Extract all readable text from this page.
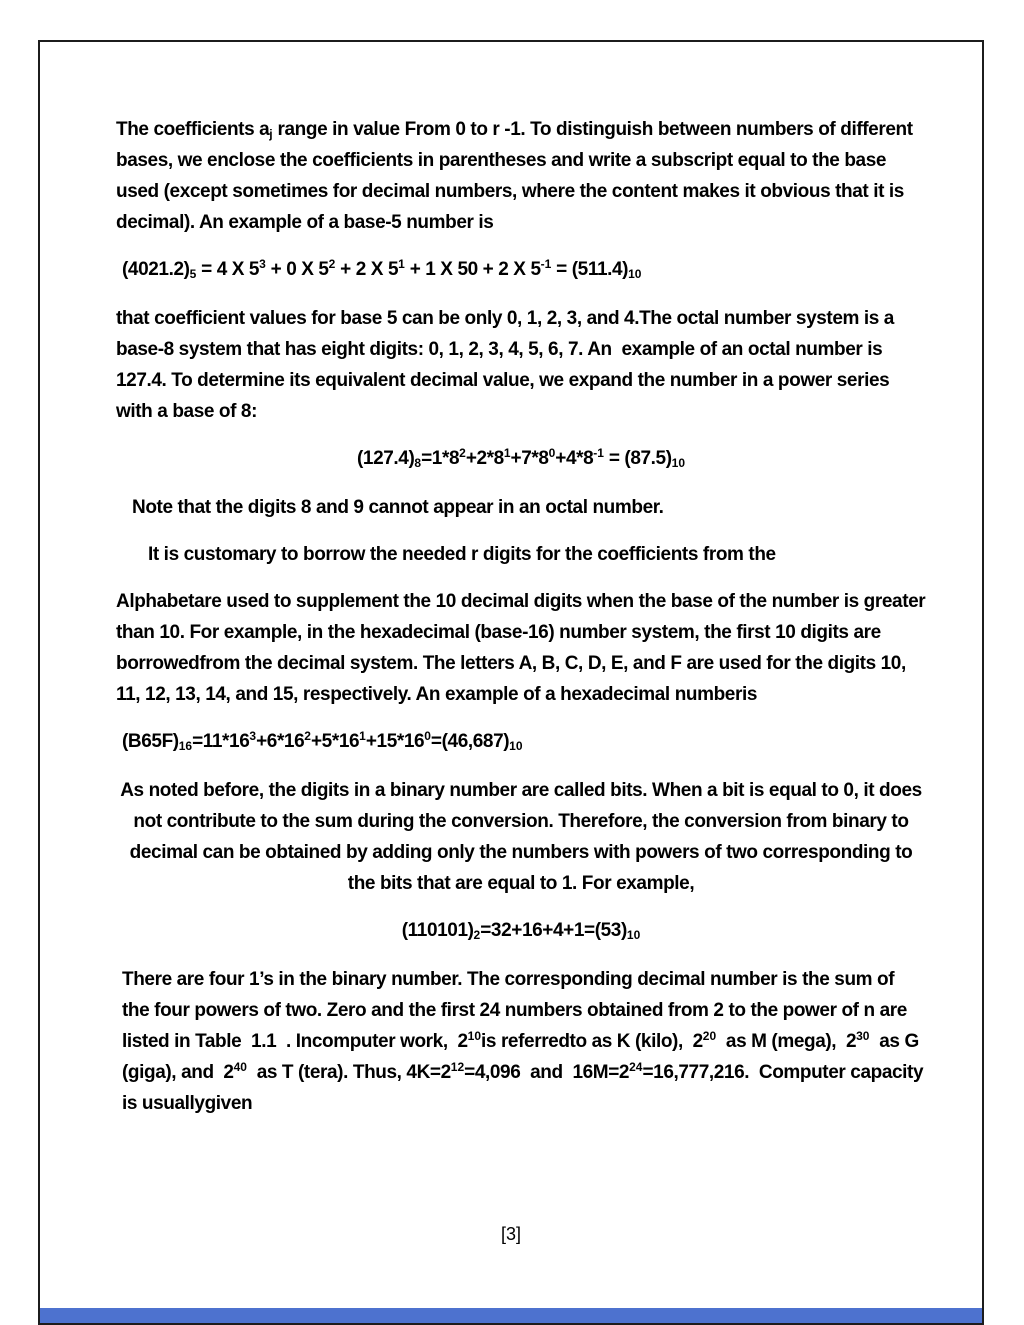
The coefficients $a_j$ range in value From 0 to r -1. To distinguish between numbers of different bases, we enclose the coefficients in parentheses and write a subscript equal to the base used (except sometimes for decimal numbers, where the content makes it obvious that it is decimal). An example of a base-5 number is
$(4021.2)_5 = 4$ X $5^3 + 0$ X $5^2 + 2$ X $5^1 + 1$ X 50 + 2 X $5^{-1} = (511.4)_{10}$
that coefficient values for base 5 can be only 0, 1, 2, 3, and 4.The octal number system is a base-8 system that has eight digits: 0, 1, 2, 3, 4, 5, 6, 7. An  example of an octal number is 127.4. To determine its equivalent decimal value, we expand the number in a power series with a base of 8:
$(127.4)_8=1*8^2+2*8^1+7*8^0+4*8^{-1} = (87.5)_{10}$
Note that the digits 8 and 9 cannot appear in an octal number.
It is customary to borrow the needed r digits for the coefficients from the
Alphabetare used to supplement the 10 decimal digits when the base of the number is greater than 10. For example, in the hexadecimal (base-16) number system, the first 10 digits are borrowedfrom the decimal system. The letters A, B, C, D, E, and F are used for the digits 10, 11, 12, 13, 14, and 15, respectively. An example of a hexadecimal numberis
$(B65F)_{16}=11*16^3+6*16^2+5*16^1+15*16^0=(46,687)_{10}$
As noted before, the digits in a binary number are called bits. When a bit is equal to 0, it does not contribute to the sum during the conversion. Therefore, the conversion from binary to decimal can be obtained by adding only the numbers with powers of two corresponding to the bits that are equal to 1. For example,
$(110101)_2=32+16+4+1=(53)_{10}$
There are four 1’s in the binary number. The corresponding decimal number is the sum of the four powers of two. Zero and the first 24 numbers obtained from 2 to the power of n are listed in Table  1.1  . Incomputer work,  $2^{10}is$ referredto as K (kilo),  $2^{20}$  as M (mega),  $2^{30}$  as G (giga), and  $2^{40}$  as T (tera). Thus, $4K=2^{12}=4,096$  and  $16M=2^{24}=16,777,216$.  Computer capacity is usuallygiven
[3]
